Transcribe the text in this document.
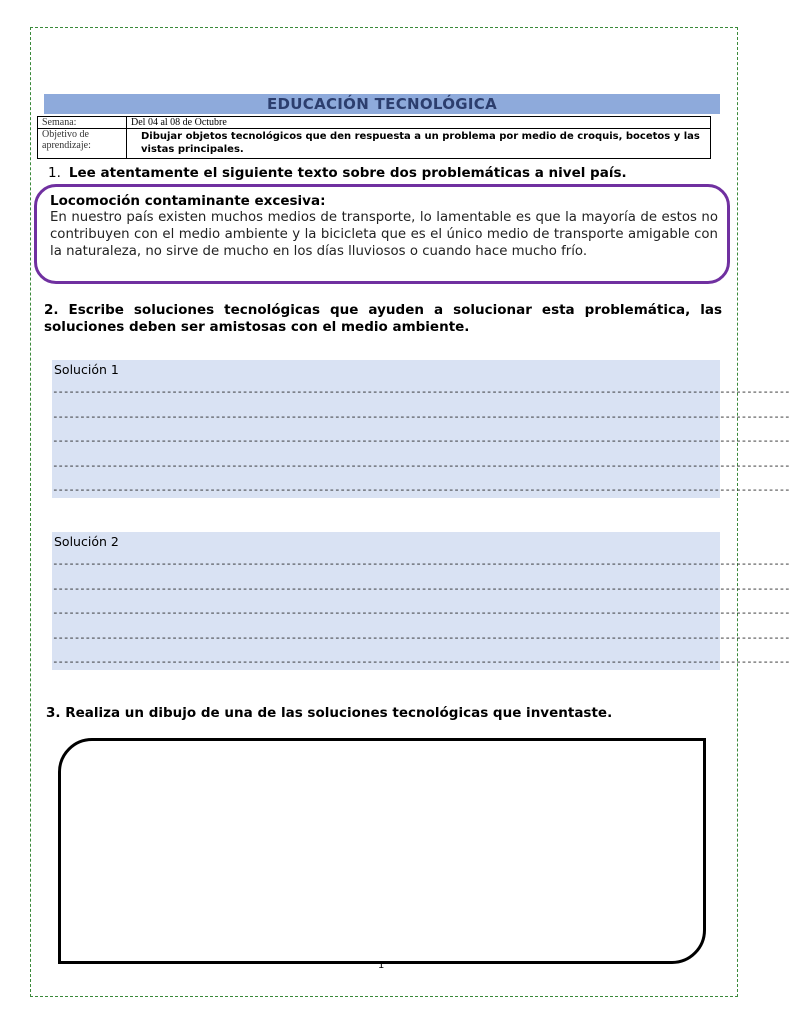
EDUCACIÓN TECNOLÓGICA
Semana:	Del 04 al 08 de Octubre
Objetivo de aprendizaje:	Dibujar objetos tecnológicos que den respuesta a un problema por medio de croquis, bocetos y las vistas principales.
1. Lee atentamente el siguiente texto sobre dos problemáticas a nivel país.
Locomoción contaminante excesiva:
En nuestro país existen muchos medios de transporte, lo lamentable es que la mayoría de estos no contribuyen con el medio ambiente y la bicicleta que es el único medio de transporte amigable con la naturaleza, no sirve de mucho en los días lluviosos o cuando hace mucho frío.
2. Escribe soluciones tecnológicas que ayuden a solucionar esta problemática, las soluciones deben ser amistosas con el medio ambiente.
Solución 1
----------------------------------------------------------------------------------------------------------------------------------------
----------------------------------------------------------------------------------------------------------------------------------------
----------------------------------------------------------------------------------------------------------------------------------------
----------------------------------------------------------------------------------------------------------------------------------------
----------------------------------------------------------------------------------------------------------------------------------------
Solución 2
----------------------------------------------------------------------------------------------------------------------------------------
----------------------------------------------------------------------------------------------------------------------------------------
----------------------------------------------------------------------------------------------------------------------------------------
----------------------------------------------------------------------------------------------------------------------------------------
----------------------------------------------------------------------------------------------------------------------------------------
3. Realiza un dibujo de una de las soluciones tecnológicas que inventaste.
1
